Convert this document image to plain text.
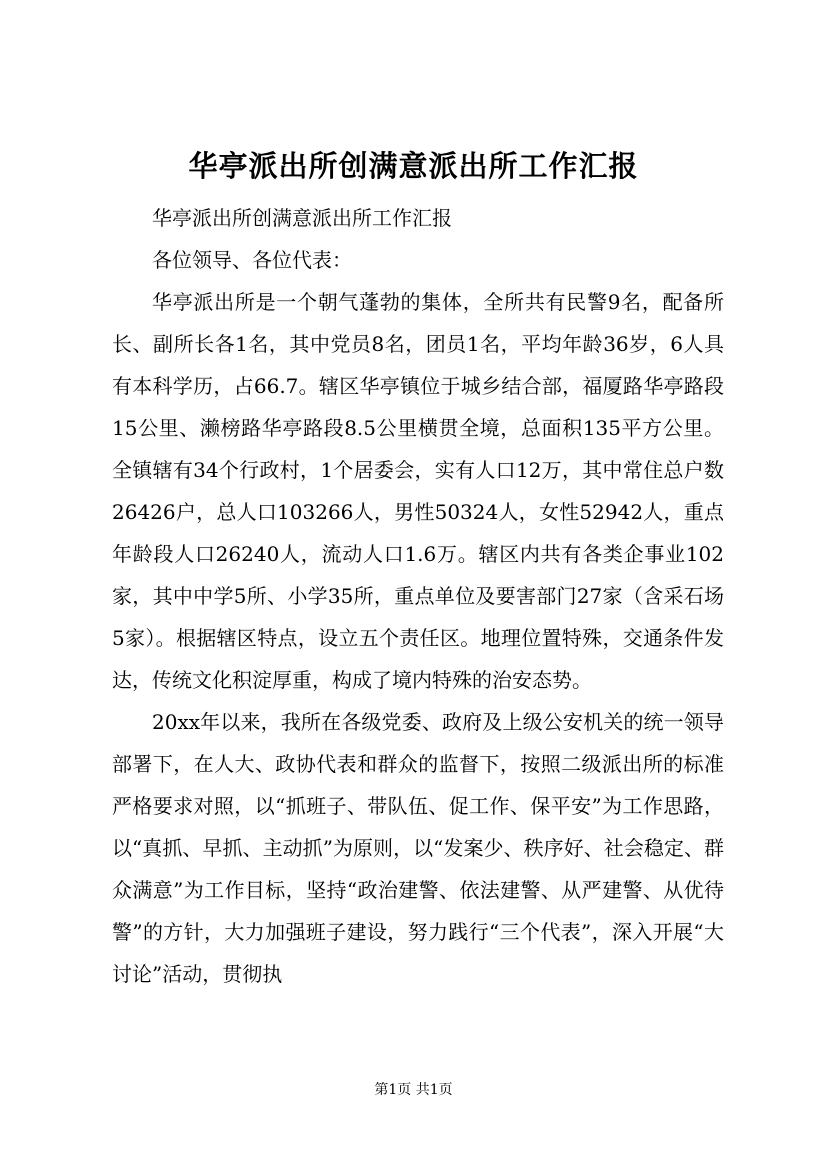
华亭派出所创满意派出所工作汇报

华亭派出所创满意派出所工作汇报

各位领导、各位代表：

华亭派出所是一个朝气蓬勃的集体，全所共有民警9名，配备所长、副所长各1名，其中党员8名，团员1名，平均年龄36岁，6人具有本科学历，占66.7。辖区华亭镇位于城乡结合部，福厦路华亭路段15公里、濑榜路华亭路段8.5公里横贯全境，总面积135平方公里。全镇辖有34个行政村，1个居委会，实有人口12万，其中常住总户数26426户，总人口103266人，男性50324人，女性52942人，重点年龄段人口26240人，流动人口1.6万。辖区内共有各类企事业102家，其中中学5所、小学35所，重点单位及要害部门27家（含采石场5家）。根据辖区特点，设立五个责任区。地理位置特殊，交通条件发达，传统文化积淀厚重，构成了境内特殊的治安态势。

20xx年以来，我所在各级党委、政府及上级公安机关的统一领导部署下，在人大、政协代表和群众的监督下，按照二级派出所的标准严格要求对照，以“抓班子、带队伍、促工作、保平安”为工作思路，以“真抓、早抓、主动抓”为原则，以“发案少、秩序好、社会稳定、群众满意”为工作目标，坚持“政治建警、依法建警、从严建警、从优待警”的方针，大力加强班子建设，努力践行“三个代表”，深入开展“大讨论”活动，贯彻执

第1页 共1页
